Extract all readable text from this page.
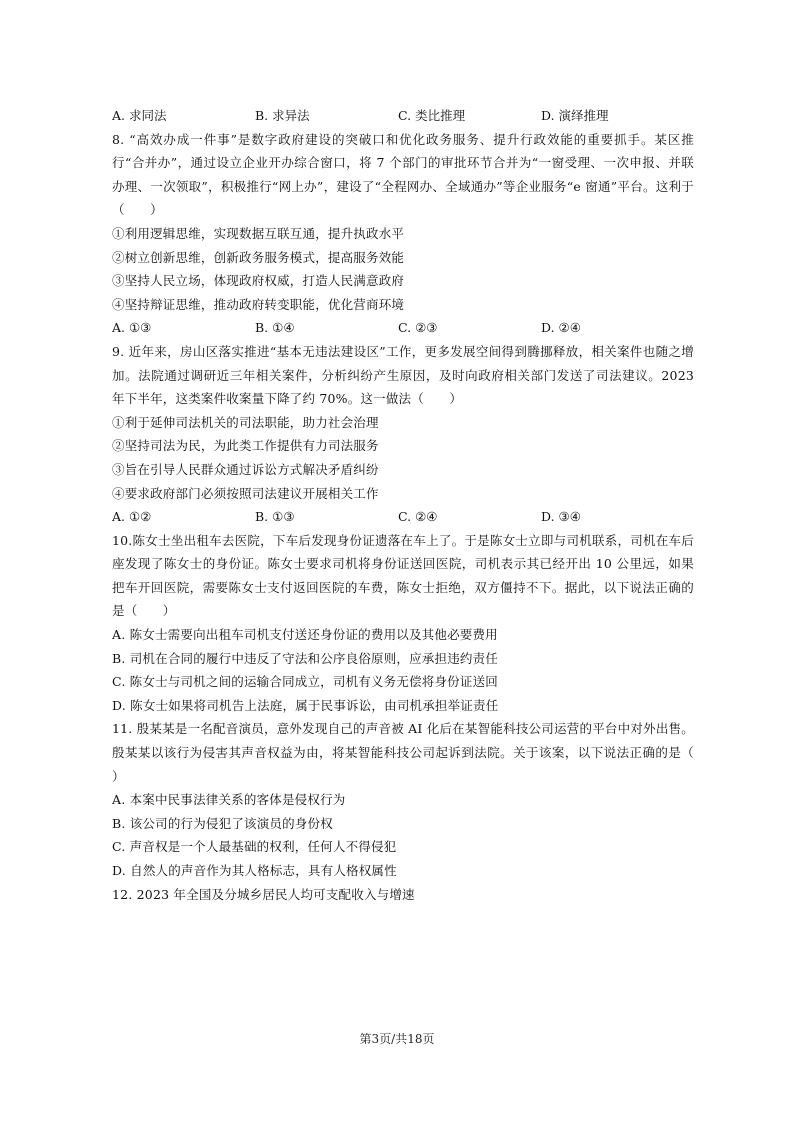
A. 求同法	B. 求异法	C. 类比推理	D. 演绎推理
8. “高效办成一件事”是数字政府建设的突破口和优化政务服务、提升行政效能的重要抓手。某区推行“合并办”，通过设立企业开办综合窗口，将 7 个部门的审批环节合并为“一窗受理、一次申报、并联办理、一次领取”，积极推行“网上办”，建设了“全程网办、全域通办”等企业服务“e 窗通”平台。这利于（　　）
①利用逻辑思维，实现数据互联互通，提升执政水平
②树立创新思维，创新政务服务模式，提高服务效能
③坚持人民立场，体现政府权威，打造人民满意政府
④坚持辩证思维，推动政府转变职能，优化营商环境
A. ①③	B. ①④	C. ②③	D. ②④
9. 近年来，房山区落实推进“基本无违法建设区”工作，更多发展空间得到腾挪释放，相关案件也随之增加。法院通过调研近三年相关案件，分析纠纷产生原因，及时向政府相关部门发送了司法建议。2023 年下半年，这类案件收案量下降了约 70%。这一做法（　　）
①利于延伸司法机关的司法职能，助力社会治理
②坚持司法为民，为此类工作提供有力司法服务
③旨在引导人民群众通过诉讼方式解决矛盾纠纷
④要求政府部门必须按照司法建议开展相关工作
A. ①②	B. ①③	C. ②④	D. ③④
10.陈女士坐出租车去医院，下车后发现身份证遗落在车上了。于是陈女士立即与司机联系，司机在车后座发现了陈女士的身份证。陈女士要求司机将身份证送回医院，司机表示其已经开出 10 公里远，如果把车开回医院，需要陈女士支付返回医院的车费，陈女士拒绝，双方僵持不下。据此，以下说法正确的是（　　）
A. 陈女士需要向出租车司机支付送还身份证的费用以及其他必要费用
B. 司机在合同的履行中违反了守法和公序良俗原则，应承担违约责任
C. 陈女士与司机之间的运输合同成立，司机有义务无偿将身份证送回
D. 陈女士如果将司机告上法庭，属于民事诉讼，由司机承担举证责任
11. 殷某某是一名配音演员，意外发现自己的声音被 AI 化后在某智能科技公司运营的平台中对外出售。殷某某以该行为侵害其声音权益为由，将某智能科技公司起诉到法院。关于该案，以下说法正确的是（　　）
A. 本案中民事法律关系的客体是侵权行为
B. 该公司的行为侵犯了该演员的身份权
C. 声音权是一个人最基础的权利，任何人不得侵犯
D. 自然人的声音作为其人格标志，具有人格权属性
12. 2023 年全国及分城乡居民人均可支配收入与增速
第3页/共18页
